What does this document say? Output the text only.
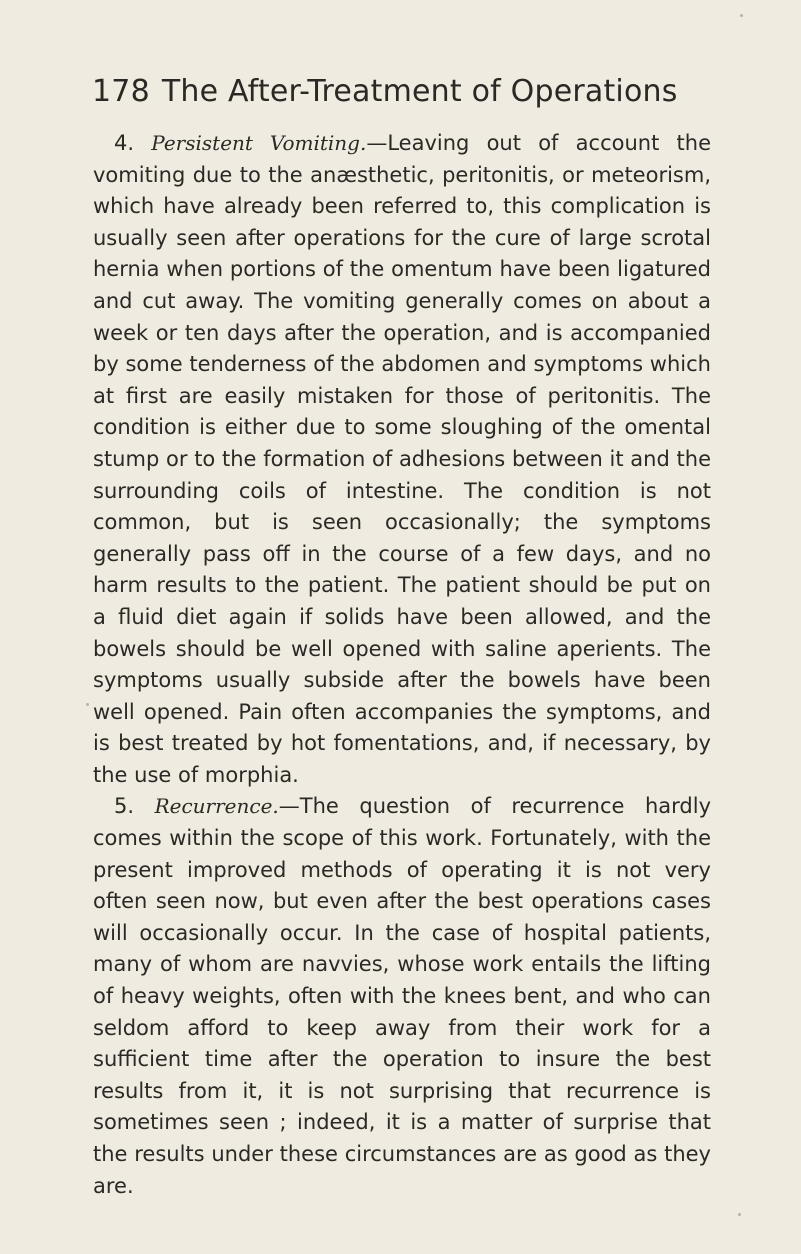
178 The After-Treatment of Operations

4. Persistent Vomiting.—Leaving out of account the vomiting due to the anæsthetic, peritonitis, or meteorism, which have already been referred to, this complication is usually seen after operations for the cure of large scrotal hernia when portions of the omentum have been ligatured and cut away. The vomiting generally comes on about a week or ten days after the operation, and is accompanied by some tenderness of the abdomen and symptoms which at first are easily mistaken for those of peritonitis. The condition is either due to some sloughing of the omental stump or to the formation of adhesions between it and the surrounding coils of intestine. The condition is not common, but is seen occasionally; the symptoms generally pass off in the course of a few days, and no harm results to the patient. The patient should be put on a fluid diet again if solids have been allowed, and the bowels should be well opened with saline aperients. The symptoms usually subside after the bowels have been well opened. Pain often accompanies the symptoms, and is best treated by hot fomentations, and, if necessary, by the use of morphia.

5. Recurrence.—The question of recurrence hardly comes within the scope of this work. Fortunately, with the present improved methods of operating it is not very often seen now, but even after the best operations cases will occasionally occur. In the case of hospital patients, many of whom are navvies, whose work entails the lifting of heavy weights, often with the knees bent, and who can seldom afford to keep away from their work for a sufficient time after the operation to insure the best results from it, it is not surprising that recurrence is sometimes seen ; indeed, it is a matter of surprise that the results under these circumstances are as good as they are.
